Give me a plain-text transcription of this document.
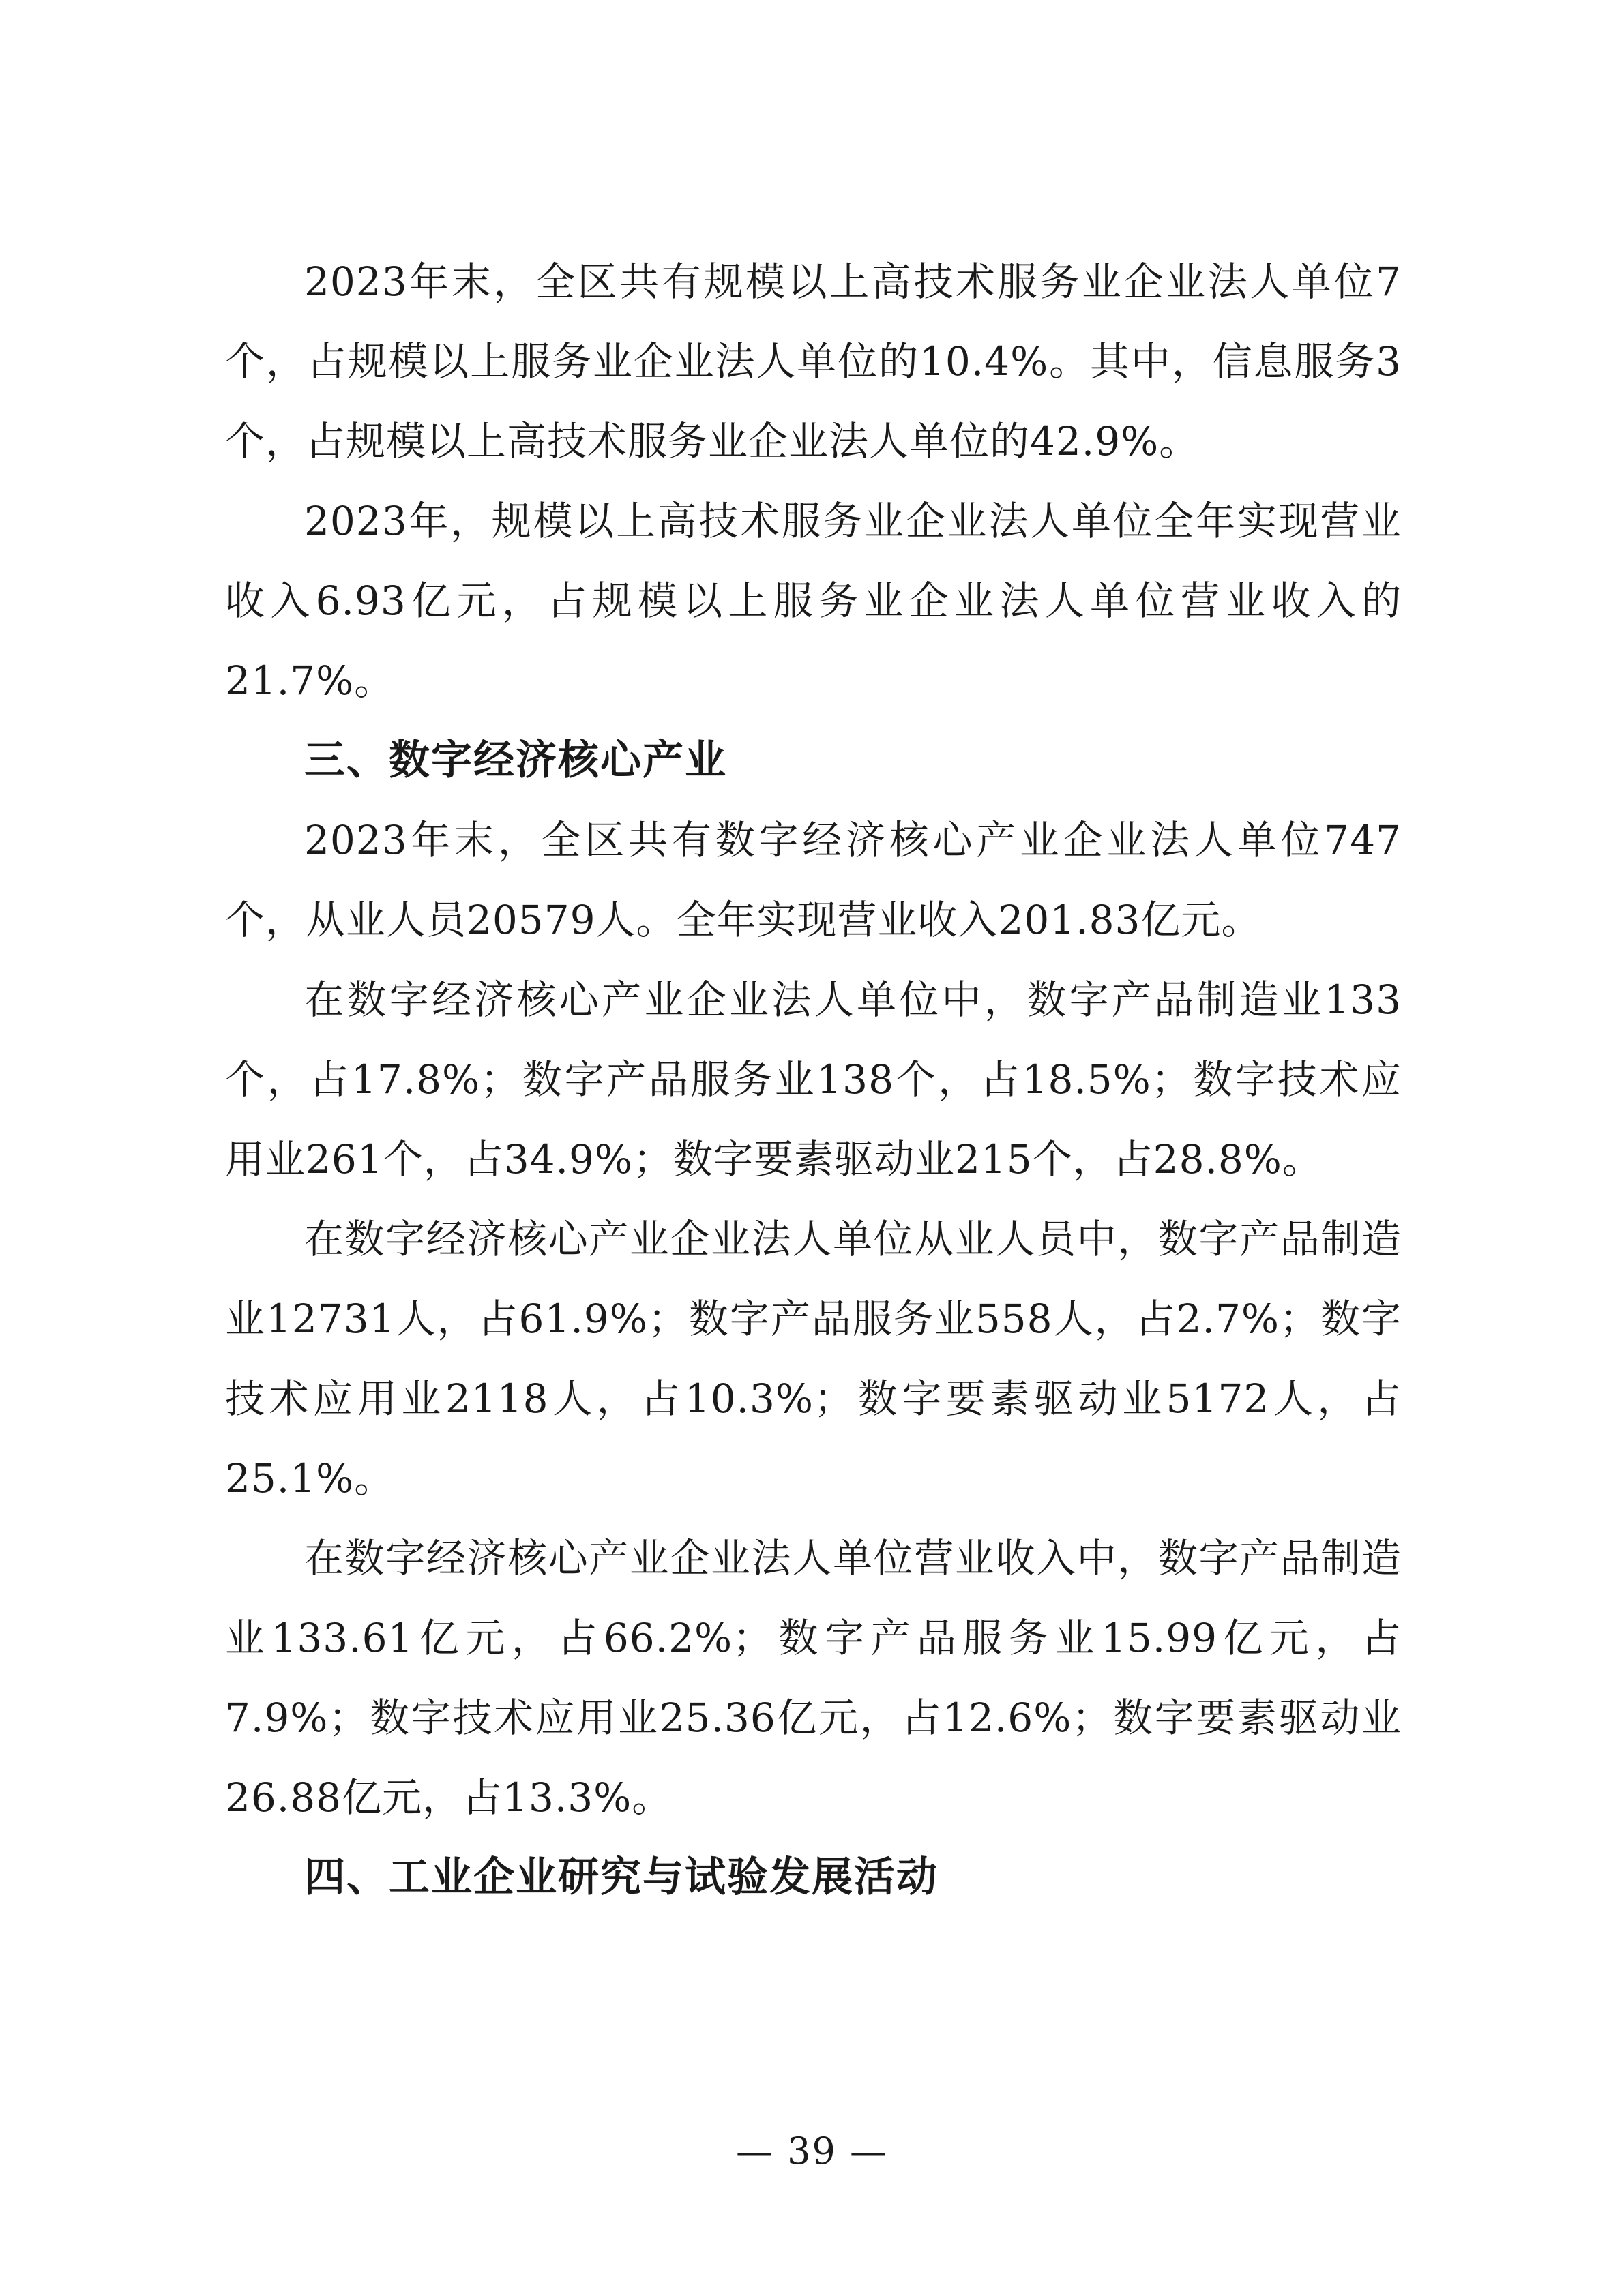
2023年末，全区共有规模以上高技术服务业企业法人单位7个，占规模以上服务业企业法人单位的10.4%。其中，信息服务3个，占规模以上高技术服务业企业法人单位的42.9%。

2023年，规模以上高技术服务业企业法人单位全年实现营业收入6.93亿元，占规模以上服务业企业法人单位营业收入的21.7%。

三、数字经济核心产业

2023年末，全区共有数字经济核心产业企业法人单位747个，从业人员20579人。全年实现营业收入201.83亿元。

在数字经济核心产业企业法人单位中，数字产品制造业133个，占17.8%；数字产品服务业138个，占18.5%；数字技术应用业261个，占34.9%；数字要素驱动业215个，占28.8%。

在数字经济核心产业企业法人单位从业人员中，数字产品制造业12731人，占61.9%；数字产品服务业558人，占2.7%；数字技术应用业2118人，占10.3%；数字要素驱动业5172人，占25.1%。

在数字经济核心产业企业法人单位营业收入中，数字产品制造业133.61亿元，占66.2%；数字产品服务业15.99亿元，占7.9%；数字技术应用业25.36亿元，占12.6%；数字要素驱动业26.88亿元，占13.3%。

四、工业企业研究与试验发展活动
— 39 —
